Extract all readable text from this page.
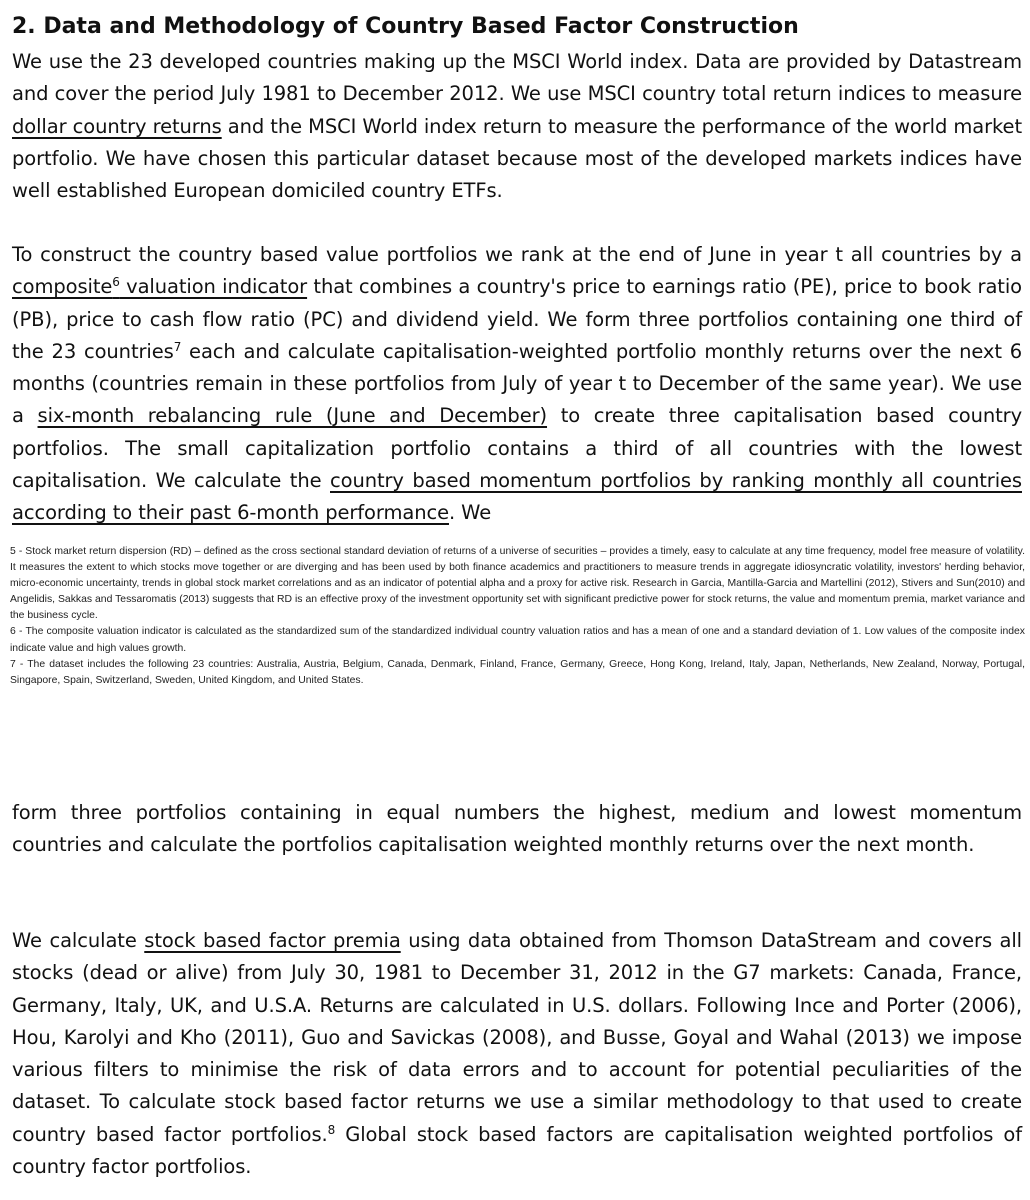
2. Data and Methodology of Country Based Factor Construction

We use the 23 developed countries making up the MSCI World index. Data are provided by Datastream and cover the period July 1981 to December 2012. We use MSCI country total return indices to measure dollar country returns and the MSCI World index return to measure the performance of the world market portfolio. We have chosen this particular dataset because most of the developed markets indices have well established European domiciled country ETFs.

To construct the country based value portfolios we rank at the end of June in year t all countries by a composite$^6$ valuation indicator that combines a country's price to earnings ratio (PE), price to book ratio (PB), price to cash flow ratio (PC) and dividend yield. We form three portfolios containing one third of the 23 countries$^7$ each and calculate capitalisation-weighted portfolio monthly returns over the next 6 months (countries remain in these portfolios from July of year t to December of the same year). We use a six-month rebalancing rule (June and December) to create three capitalisation based country portfolios. The small capitalization portfolio contains a third of all countries with the lowest capitalisation. We calculate the country based momentum portfolios by ranking monthly all countries according to their past 6-month performance. We

5 - Stock market return dispersion (RD) – defined as the cross sectional standard deviation of returns of a universe of securities – provides a timely, easy to calculate at any time frequency, model free measure of volatility. It measures the extent to which stocks move together or are diverging and has been used by both finance academics and practitioners to measure trends in aggregate idiosyncratic volatility, investors' herding behavior, micro-economic uncertainty, trends in global stock market correlations and as an indicator of potential alpha and a proxy for active risk. Research in Garcia, Mantilla-Garcia and Martellini (2012), Stivers and Sun(2010) and Angelidis, Sakkas and Tessaromatis (2013) suggests that RD is an effective proxy of the investment opportunity set with significant predictive power for stock returns, the value and momentum premia, market variance and the business cycle.

6 - The composite valuation indicator is calculated as the standardized sum of the standardized individual country valuation ratios and has a mean of one and a standard deviation of 1. Low values of the composite index indicate value and high values growth.

7 - The dataset includes the following 23 countries: Australia, Austria, Belgium, Canada, Denmark, Finland, France, Germany, Greece, Hong Kong, Ireland, Italy, Japan, Netherlands, New Zealand, Norway, Portugal, Singapore, Spain, Switzerland, Sweden, United Kingdom, and United States.

form three portfolios containing in equal numbers the highest, medium and lowest momentum countries and calculate the portfolios capitalisation weighted monthly returns over the next month.

We calculate stock based factor premia using data obtained from Thomson DataStream and covers all stocks (dead or alive) from July 30, 1981 to December 31, 2012 in the G7 markets: Canada, France, Germany, Italy, UK, and U.S.A. Returns are calculated in U.S. dollars. Following Ince and Porter (2006), Hou, Karolyi and Kho (2011), Guo and Savickas (2008), and Busse, Goyal and Wahal (2013) we impose various filters to minimise the risk of data errors and to account for potential peculiarities of the dataset. To calculate stock based factor returns we use a similar methodology to that used to create country based factor portfolios.$^8$ Global stock based factors are capitalisation weighted portfolios of country factor portfolios.
